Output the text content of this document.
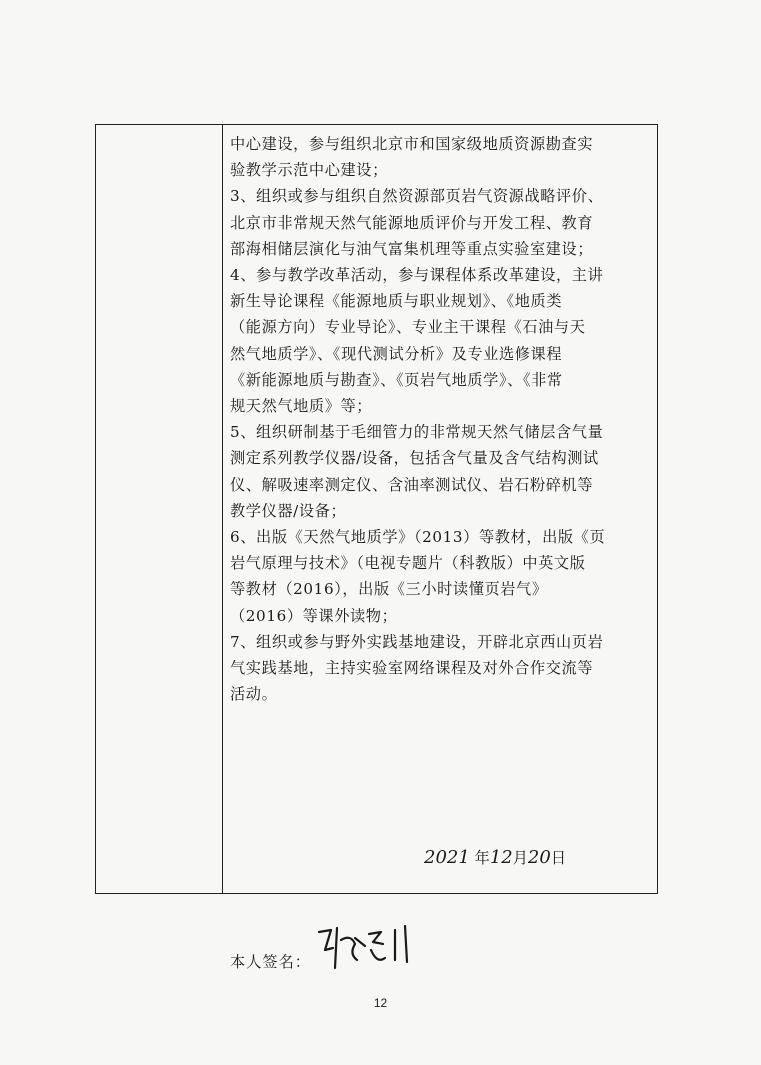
中心建设，参与组织北京市和国家级地质资源勘查实

验教学示范中心建设；

3、组织或参与组织自然资源部页岩气资源战略评价、

北京市非常规天然气能源地质评价与开发工程、教育

部海相储层演化与油气富集机理等重点实验室建设；

4、参与教学改革活动，参与课程体系改革建设，主讲

新生导论课程《能源地质与职业规划》、《地质类

（能源方向）专业导论》、专业主干课程《石油与天

然气地质学》、《现代测试分析》及专业选修课程

《新能源地质与勘查》、《页岩气地质学》、《非常

规天然气地质》等；

5、组织研制基于毛细管力的非常规天然气储层含气量

测定系列教学仪器/设备，包括含气量及含气结构测试

仪、解吸速率测定仪、含油率测试仪、岩石粉碎机等

教学仪器/设备；

6、出版《天然气地质学》（2013）等教材，出版《页

岩气原理与技术》（电视专题片（科教版）中英文版

等教材（2016），出版《三小时读懂页岩气》

（2016）等课外读物；

7、组织或参与野外实践基地建设，开辟北京西山页岩

气实践基地，主持实验室网络课程及对外合作交流等

活动。

本人签名：
2021 年12月20日
12
